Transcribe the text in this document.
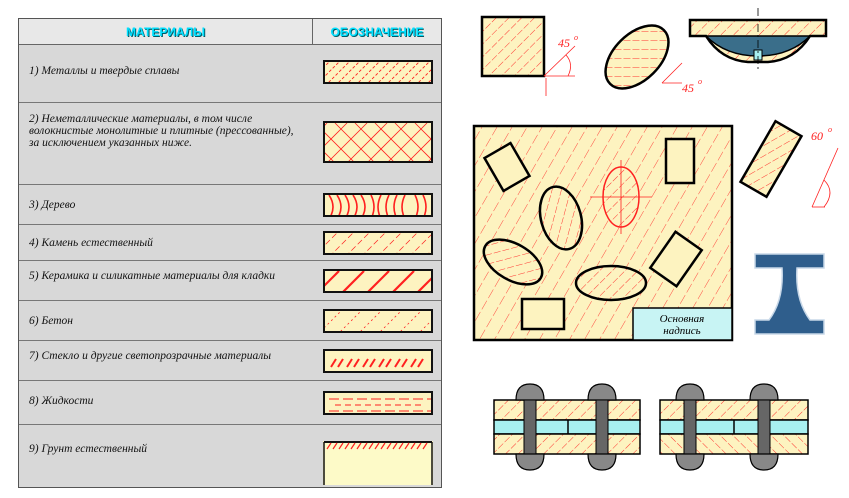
МАТЕРИАЛЫ	ОБОЗНАЧЕНИЕ
1) Металлы и твердые сплавы
2) Неметаллические материалы, в том числе волокнистые монолитные и плитные (прессованные), за исключением указанных ниже.
3) Дерево
4) Камень естественный
5) Керамика и силикатные материалы для кладки
6) Бетон
7) Стекло и другие светопрозрачные материалы
8) Жидкости
9) Грунт естественный
45 o
45 o
Основная
надпись
60 o
